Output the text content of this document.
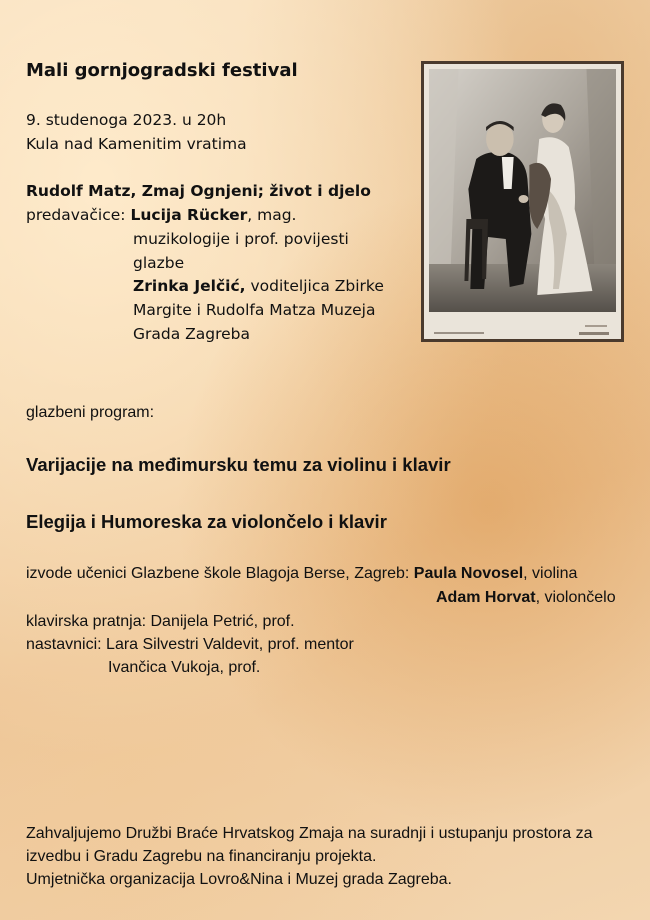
Mali gornjogradski festival
9. studenoga 2023. u 20h
Kula nad Kamenitim vratima
Rudolf Matz, Zmaj Ognjeni; život i djelo
predavačice: Lucija Rücker, mag.
muzikologije i prof. povijesti
glazbe
Zrinka Jelčić, voditeljica Zbirke
Margite i Rudolfa Matza Muzeja
Grada Zagreba
glazbeni program:
Varijacije na međimursku temu za violinu i klavir
Elegija i Humoreska za violončelo i klavir
izvode učenici Glazbene škole Blagoja Berse, Zagreb: Paula Novosel, violina
Adam Horvat, violončelo
klavirska pratnja: Danijela Petrić, prof.
nastavnici: Lara Silvestri Valdevit, prof. mentor
Ivančica Vukoja, prof.
Zahvaljujemo Družbi Braće Hrvatskog Zmaja na suradnji i ustupanju prostora za
izvedbu i Gradu Zagrebu na financiranju projekta.
Umjetnička organizacija Lovro&Nina i Muzej grada Zagreba.
